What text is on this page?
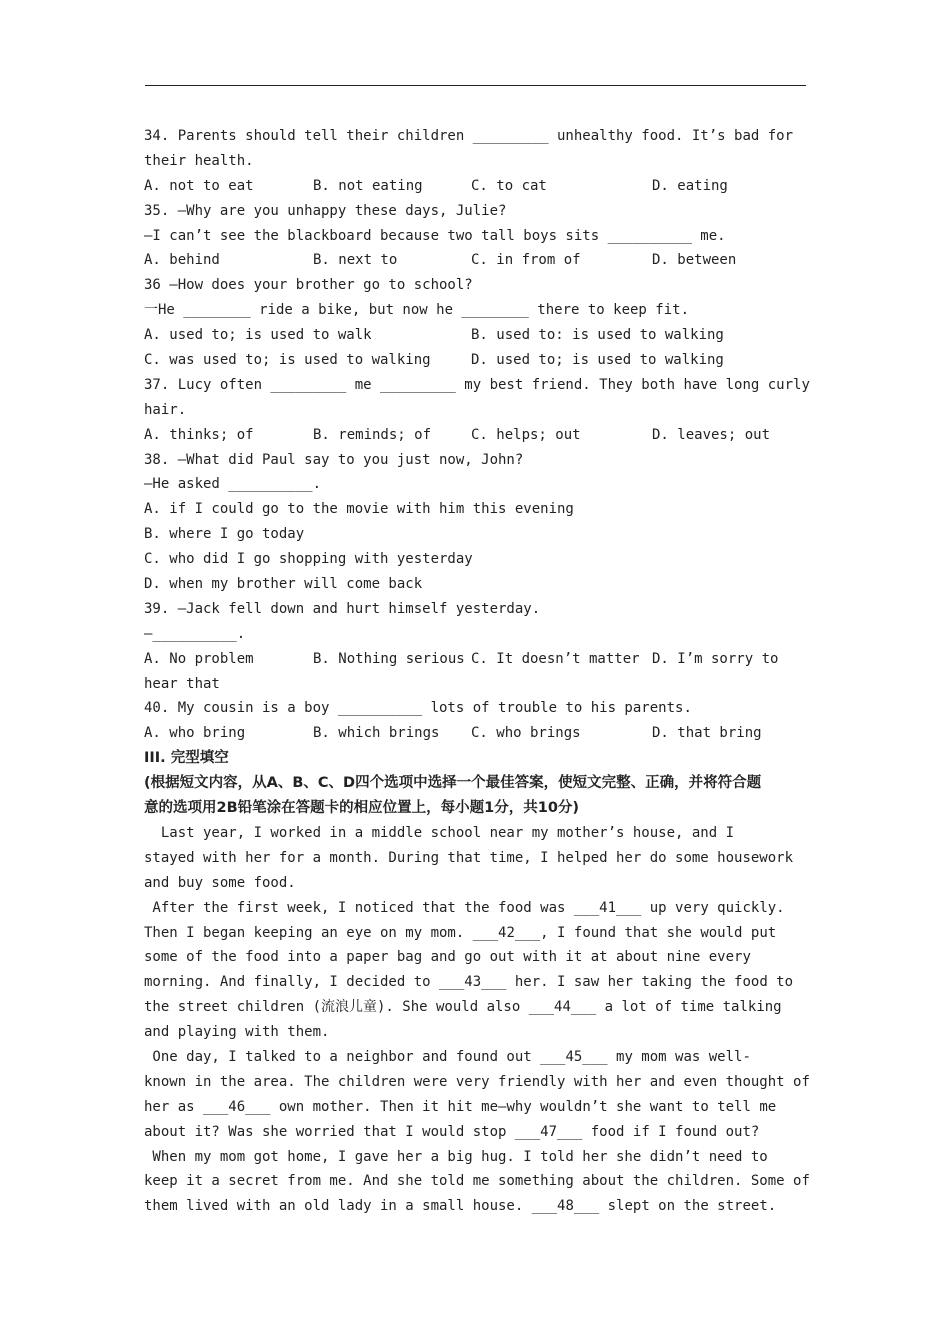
34. Parents should tell their children _________ unhealthy food. It’s bad for
their health.
A. not to eat	B. not eating	C. to cat	D. eating
35. —Why are you unhappy these days, Julie?
—I can’t see the blackboard because two tall boys sits __________ me.
A. behind	B. next to	C. in from of	D. between
36 —How does your brother go to school?
一He ________ ride a bike, but now he ________ there to keep fit.
A. used to; is used to walk	B. used to: is used to walking
C. was used to; is used to walking	D. used to; is used to walking
37. Lucy often _________ me _________ my best friend. They both have long curly
hair.
A. thinks; of	B. reminds; of	C. helps; out	D. leaves; out
38. —What did Paul say to you just now, John?
—He asked __________.
A. if I could go to the movie with him this evening
B. where I go today
C. who did I go shopping with yesterday
D. when my brother will come back
39. —Jack fell down and hurt himself yesterday.
—__________.
A. No problem	B. Nothing serious C. It doesn’t matter D. I’m sorry to
hear that
40. My cousin is a boy __________ lots of trouble to his parents.
A. who bring	B. which brings	C. who brings	D. that bring
III. 完型填空
(根据短文内容，从A、B、C、D四个选项中选择一个最佳答案，使短文完整、正确，并将符合题
意的选项用2B铅笔涂在答题卡的相应位置上，每小题1分，共10分)
Last year, I worked in a middle school near my mother’s house, and I
stayed with her for a month. During that time, I helped her do some housework
and buy some food.
After the first week, I noticed that the food was ___41___ up very quickly.
Then I began keeping an eye on my mom. ___42___, I found that she would put
some of the food into a paper bag and go out with it at about nine every
morning. And finally, I decided to ___43___ her. I saw her taking the food to
the street children (流浪儿童). She would also ___44___ a lot of time talking
and playing with them.
One day, I talked to a neighbor and found out ___45___ my mom was well-
known in the area. The children were very friendly with her and even thought of
her as ___46___ own mother. Then it hit me—why wouldn’t she want to tell me
about it? Was she worried that I would stop ___47___ food if I found out?
When my mom got home, I gave her a big hug. I told her she didn’t need to
keep it a secret from me. And she told me something about the children. Some of
them lived with an old lady in a small house. ___48___ slept on the street.
